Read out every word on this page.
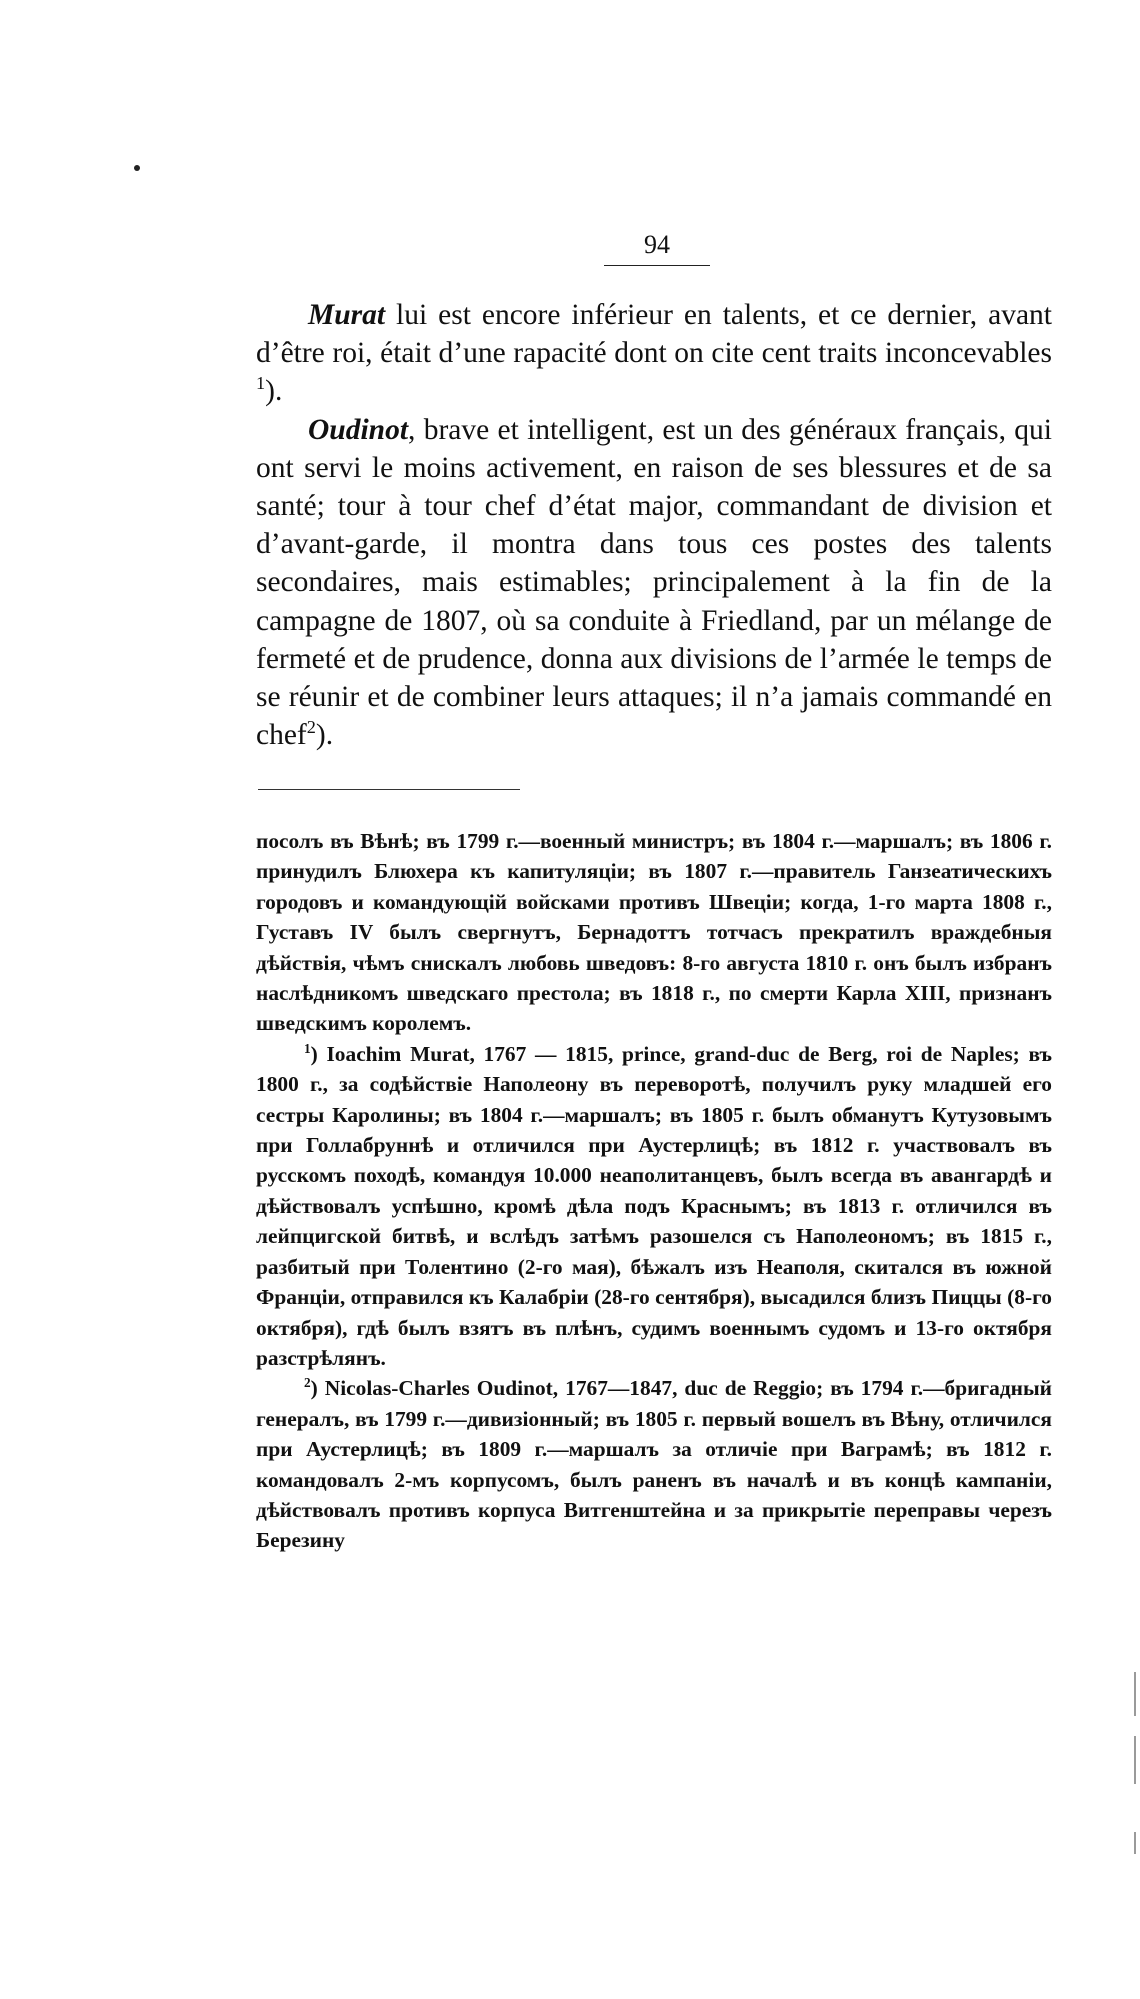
94

Murat lui est encore inférieur en talents, et ce dernier, avant d’être roi, était d’une rapacité dont on cite cent traits inconcevables $^1$).

Oudinot, brave et intelligent, est un des généraux français, qui ont servi le moins activement, en raison de ses blessures et de sa santé; tour à tour chef d’état major, commandant de division et d’avant-garde, il montra dans tous ces postes des talents secondaires, mais estimables; principalement à la fin de la campagne de 1807, où sa conduite à Friedland, par un mélange de fermeté et de prudence, donna aux divisions de l’armée le temps de se réunir et de combiner leurs attaques; il n’a jamais commandé en chef$^2$).

посолъ въ Вѣнѣ; въ 1799 г.—военный министръ; въ 1804 г.—маршалъ; въ 1806 г. принудилъ Блюхера къ капитуляціи; въ 1807 г.—правитель Ганзеатическихъ городовъ и командующій войсками противъ Швеціи; когда, 1-го марта 1808 г., Густавъ IV былъ свергнутъ, Бернадоттъ тотчасъ прекратилъ враждебныя дѣйствія, чѣмъ снискалъ любовь шведовъ: 8-го августа 1810 г. онъ былъ избранъ наслѣдникомъ шведскаго престола; въ 1818 г., по смерти Карла XIII, признанъ шведскимъ королемъ.

$^1$) Ioachim Murat, 1767 — 1815, prince, grand-duc de Berg, roi de Naples; въ 1800 г., за содѣйствіе Наполеону въ переворотѣ, получилъ руку младшей его сестры Каролины; въ 1804 г.—маршалъ; въ 1805 г. былъ обманутъ Кутузовымъ при Голлабруннѣ и отличился при Аустерлицѣ; въ 1812 г. участвовалъ въ русскомъ походѣ, командуя 10.000 неаполитанцевъ, былъ всегда въ авангардѣ и дѣйствовалъ успѣшно, кромѣ дѣла подъ Краснымъ; въ 1813 г. отличился въ лейпцигской битвѣ, и вслѣдъ затѣмъ разошелся съ Наполеономъ; въ 1815 г., разбитый при Толентино (2-го мая), бѣжалъ изъ Неаполя, скитался въ южной Франціи, отправился къ Калабріи (28-го сентября), высадился близъ Пиццы (8-го октября), гдѣ былъ взятъ въ плѣнъ, судимъ военнымъ судомъ и 13-го октября разстрѣлянъ.

$^2$) Nicolas-Charles Oudinot, 1767—1847, duc de Reggio; въ 1794 г.—бригадный генералъ, въ 1799 г.—дивизіонный; въ 1805 г. первый вошелъ въ Вѣну, отличился при Аустерлицѣ; въ 1809 г.—маршалъ за отличіе при Ваграмѣ; въ 1812 г. командовалъ 2-мъ корпусомъ, былъ раненъ въ началѣ и въ концѣ кампаніи, дѣйствовалъ противъ корпуса Витгенштейна и за прикрытіе переправы черезъ Березину
